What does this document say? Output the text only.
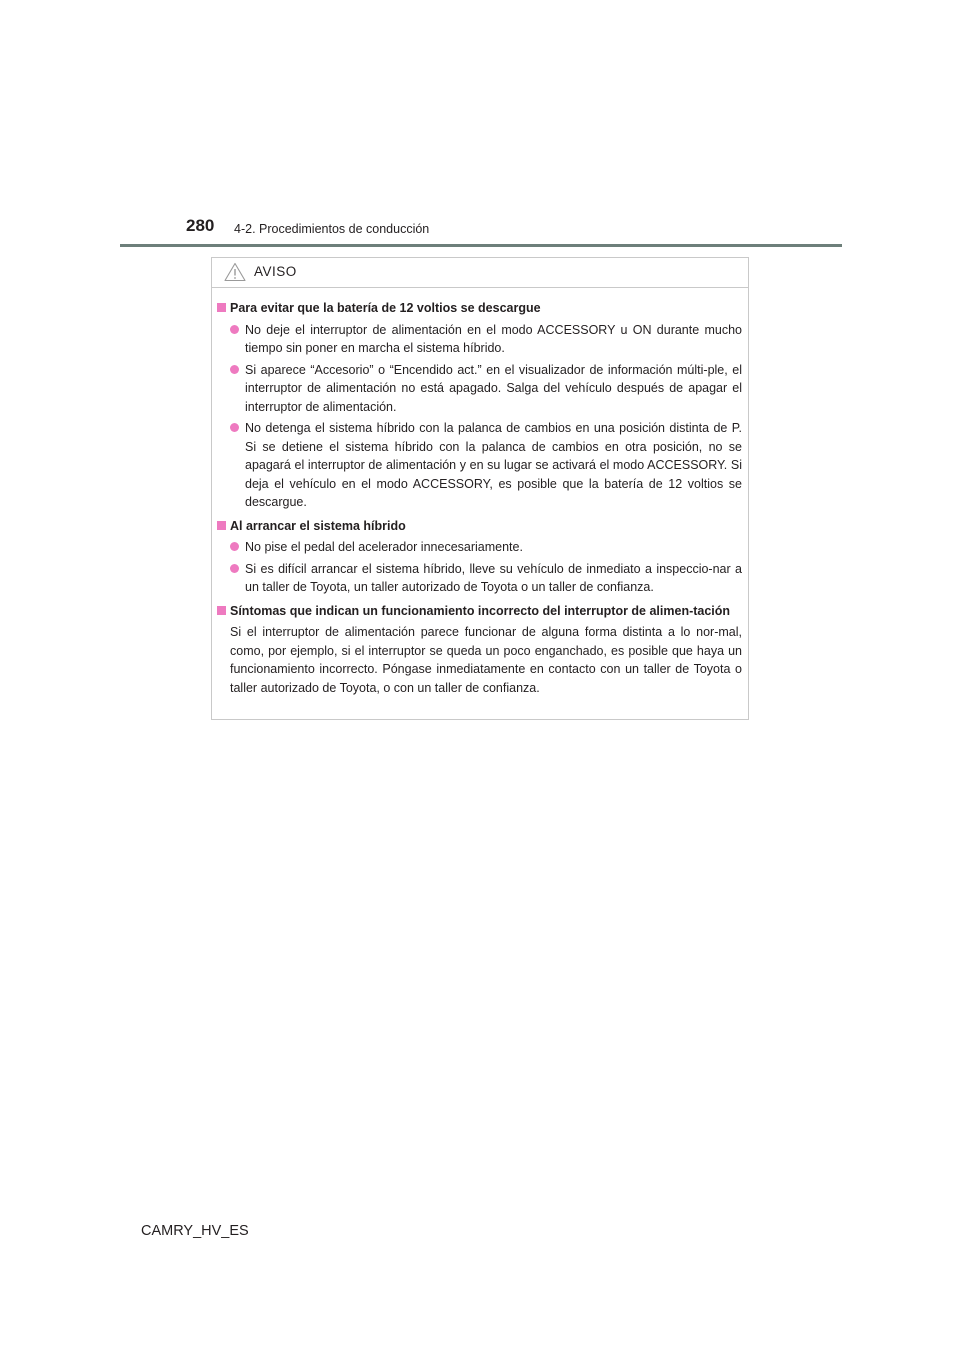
280 4-2. Procedimientos de conducción
AVISO
Para evitar que la batería de 12 voltios se descargue
No deje el interruptor de alimentación en el modo ACCESSORY u ON durante mucho tiempo sin poner en marcha el sistema híbrido.
Si aparece “Accesorio” o “Encendido act.” en el visualizador de información múlti-ple, el interruptor de alimentación no está apagado. Salga del vehículo después de apagar el interruptor de alimentación.
No detenga el sistema híbrido con la palanca de cambios en una posición distinta de P. Si se detiene el sistema híbrido con la palanca de cambios en otra posición, no se apagará el interruptor de alimentación y en su lugar se activará el modo ACCESSORY. Si deja el vehículo en el modo ACCESSORY, es posible que la batería de 12 voltios se descargue.
Al arrancar el sistema híbrido
No pise el pedal del acelerador innecesariamente.
Si es difícil arrancar el sistema híbrido, lleve su vehículo de inmediato a inspeccio-nar a un taller de Toyota, un taller autorizado de Toyota o un taller de confianza.
Síntomas que indican un funcionamiento incorrecto del interruptor de alimen-tación
Si el interruptor de alimentación parece funcionar de alguna forma distinta a lo nor-mal, como, por ejemplo, si el interruptor se queda un poco enganchado, es posible que haya un funcionamiento incorrecto. Póngase inmediatamente en contacto con un taller de Toyota o taller autorizado de Toyota, o con un taller de confianza.
CAMRY_HV_ES
